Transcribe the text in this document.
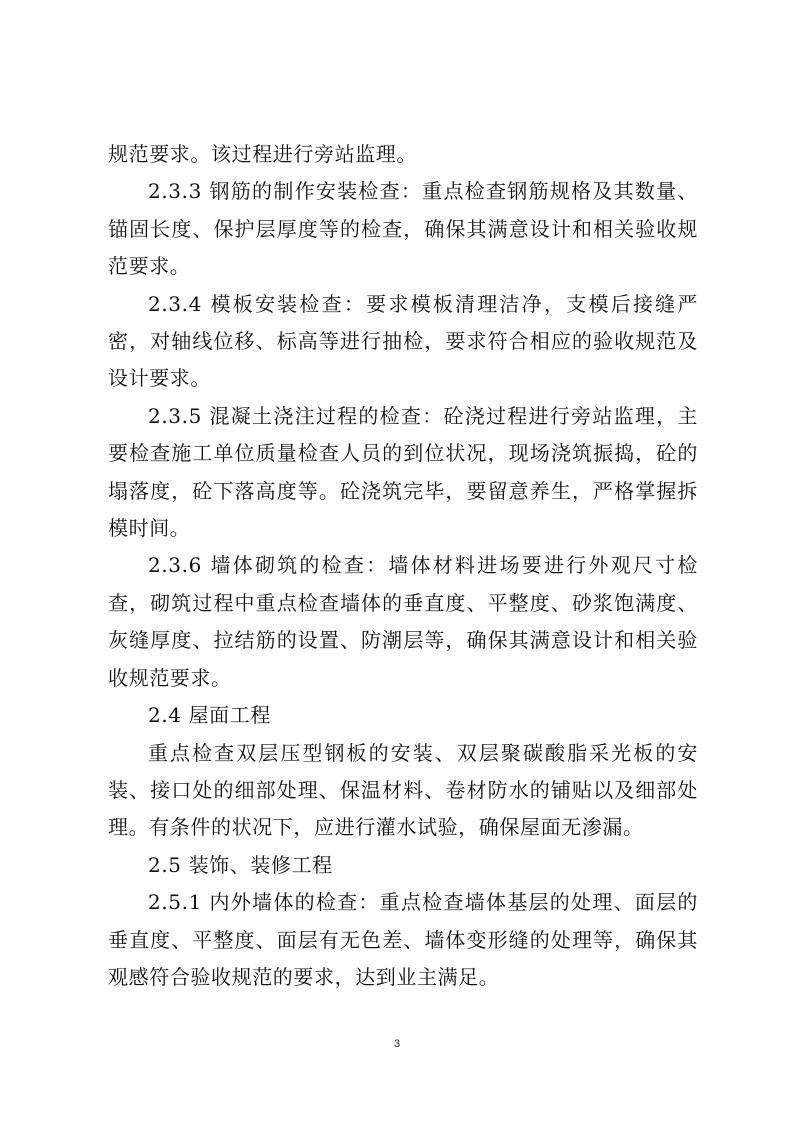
规范要求。该过程进行旁站监理。

2.3.3 钢筋的制作安装检查：重点检查钢筋规格及其数量、锚固长度、保护层厚度等的检查，确保其满意设计和相关验收规范要求。

2.3.4 模板安装检查：要求模板清理洁净，支模后接缝严密，对轴线位移、标高等进行抽检，要求符合相应的验收规范及设计要求。

2.3.5 混凝土浇注过程的检查：砼浇过程进行旁站监理，主要检查施工单位质量检查人员的到位状况，现场浇筑振捣，砼的塌落度，砼下落高度等。砼浇筑完毕，要留意养生，严格掌握拆模时间。

2.3.6 墙体砌筑的检查：墙体材料进场要进行外观尺寸检查，砌筑过程中重点检查墙体的垂直度、平整度、砂浆饱满度、灰缝厚度、拉结筋的设置、防潮层等，确保其满意设计和相关验收规范要求。

2.4 屋面工程

重点检查双层压型钢板的安装、双层聚碳酸脂采光板的安装、接口处的细部处理、保温材料、卷材防水的铺贴以及细部处理。有条件的状况下，应进行灌水试验，确保屋面无渗漏。

2.5 装饰、装修工程

2.5.1 内外墙体的检查：重点检查墙体基层的处理、面层的垂直度、平整度、面层有无色差、墙体变形缝的处理等，确保其观感符合验收规范的要求，达到业主满足。

3
